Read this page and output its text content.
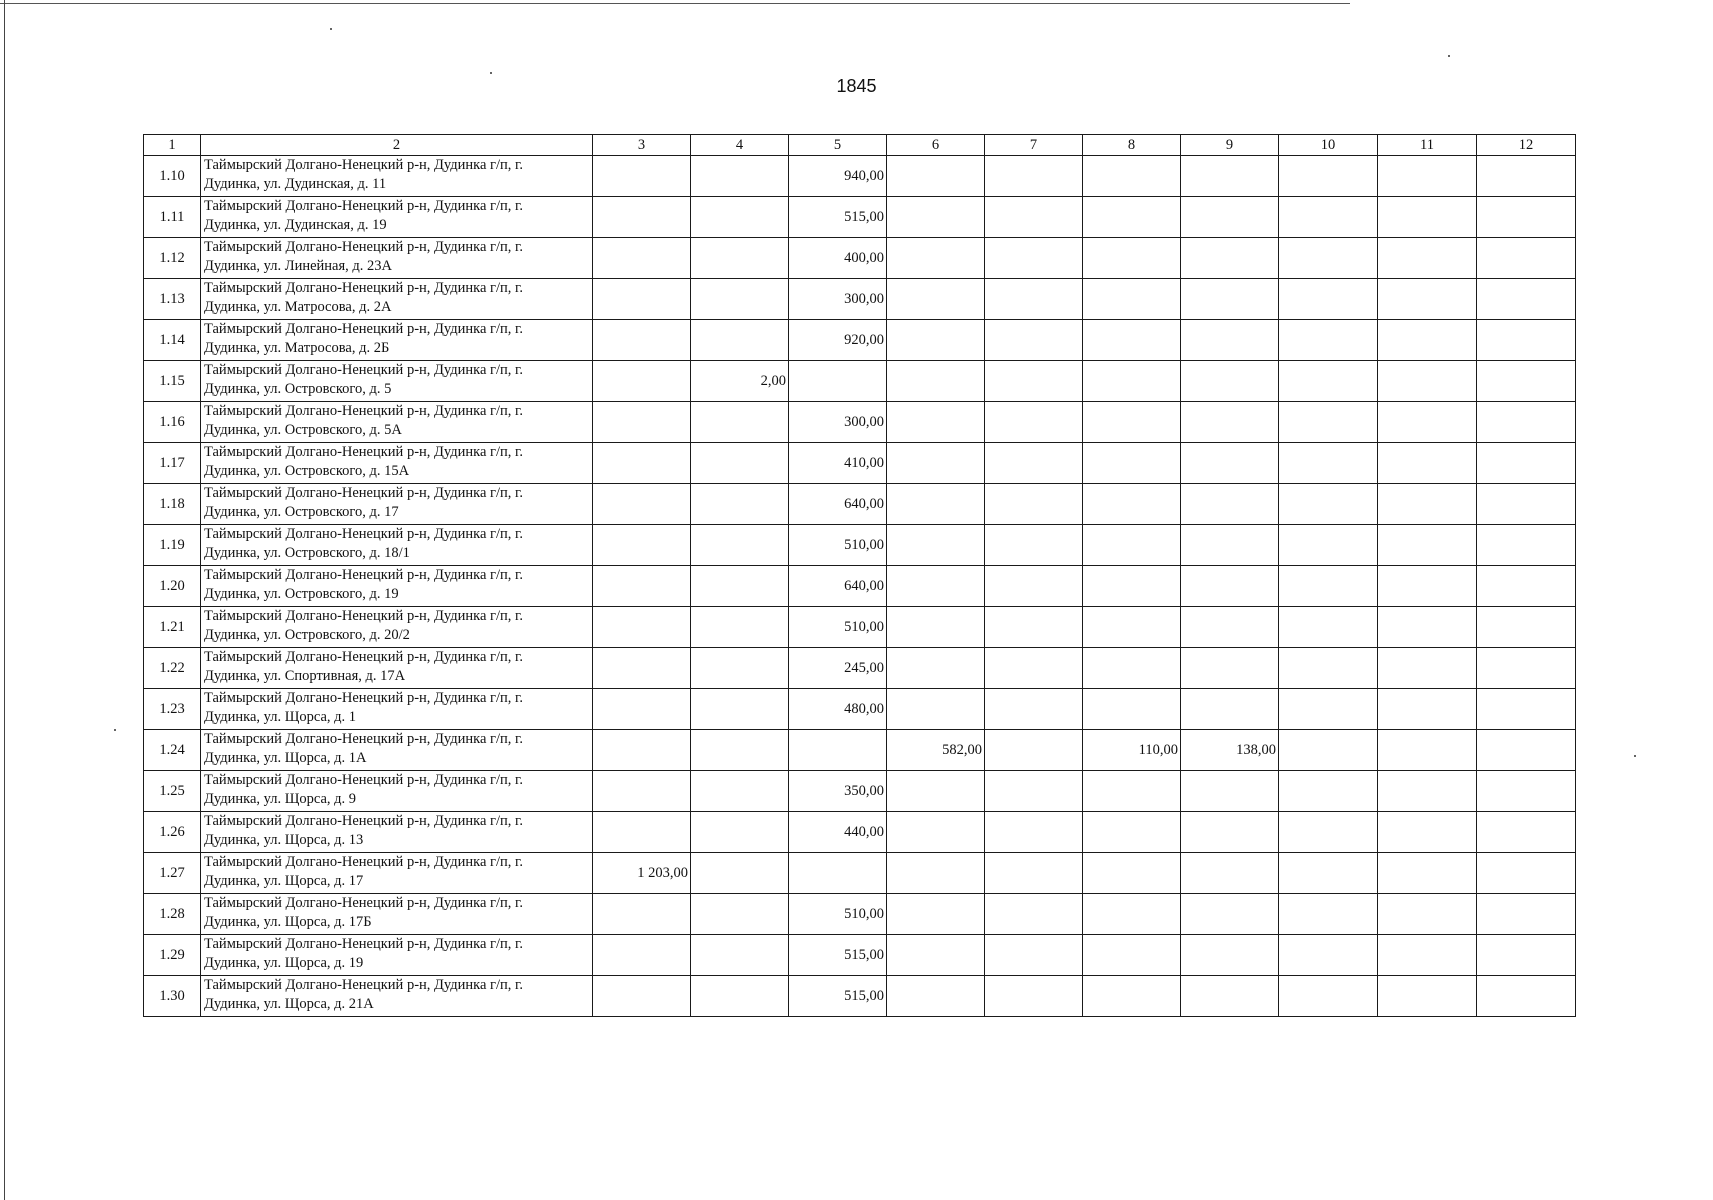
1845
1	2	3	4	5	6	7	8	9	10	11	12
1.10	Таймырский Долгано-Ненецкий р-н, Дудинка г/п, г.
Дудинка, ул. Дудинская, д. 11			940,00							
1.11	Таймырский Долгано-Ненецкий р-н, Дудинка г/п, г.
Дудинка, ул. Дудинская, д. 19			515,00							
1.12	Таймырский Долгано-Ненецкий р-н, Дудинка г/п, г.
Дудинка, ул. Линейная, д. 23А			400,00							
1.13	Таймырский Долгано-Ненецкий р-н, Дудинка г/п, г.
Дудинка, ул. Матросова, д. 2А			300,00							
1.14	Таймырский Долгано-Ненецкий р-н, Дудинка г/п, г.
Дудинка, ул. Матросова, д. 2Б			920,00							
1.15	Таймырский Долгано-Ненецкий р-н, Дудинка г/п, г.
Дудинка, ул. Островского, д. 5		2,00								
1.16	Таймырский Долгано-Ненецкий р-н, Дудинка г/п, г.
Дудинка, ул. Островского, д. 5А			300,00							
1.17	Таймырский Долгано-Ненецкий р-н, Дудинка г/п, г.
Дудинка, ул. Островского, д. 15А			410,00							
1.18	Таймырский Долгано-Ненецкий р-н, Дудинка г/п, г.
Дудинка, ул. Островского, д. 17			640,00							
1.19	Таймырский Долгано-Ненецкий р-н, Дудинка г/п, г.
Дудинка, ул. Островского, д. 18/1			510,00							
1.20	Таймырский Долгано-Ненецкий р-н, Дудинка г/п, г.
Дудинка, ул. Островского, д. 19			640,00							
1.21	Таймырский Долгано-Ненецкий р-н, Дудинка г/п, г.
Дудинка, ул. Островского, д. 20/2			510,00							
1.22	Таймырский Долгано-Ненецкий р-н, Дудинка г/п, г.
Дудинка, ул. Спортивная, д. 17А			245,00							
1.23	Таймырский Долгано-Ненецкий р-н, Дудинка г/п, г.
Дудинка, ул. Щорса, д. 1			480,00							
1.24	Таймырский Долгано-Ненецкий р-н, Дудинка г/п, г.
Дудинка, ул. Щорса, д. 1А				582,00		110,00	138,00			
1.25	Таймырский Долгано-Ненецкий р-н, Дудинка г/п, г.
Дудинка, ул. Щорса, д. 9			350,00							
1.26	Таймырский Долгано-Ненецкий р-н, Дудинка г/п, г.
Дудинка, ул. Щорса, д. 13			440,00							
1.27	Таймырский Долгано-Ненецкий р-н, Дудинка г/п, г.
Дудинка, ул. Щорса, д. 17	1 203,00									
1.28	Таймырский Долгано-Ненецкий р-н, Дудинка г/п, г.
Дудинка, ул. Щорса, д. 17Б			510,00							
1.29	Таймырский Долгано-Ненецкий р-н, Дудинка г/п, г.
Дудинка, ул. Щорса, д. 19			515,00							
1.30	Таймырский Долгано-Ненецкий р-н, Дудинка г/п, г.
Дудинка, ул. Щорса, д. 21А			515,00							
